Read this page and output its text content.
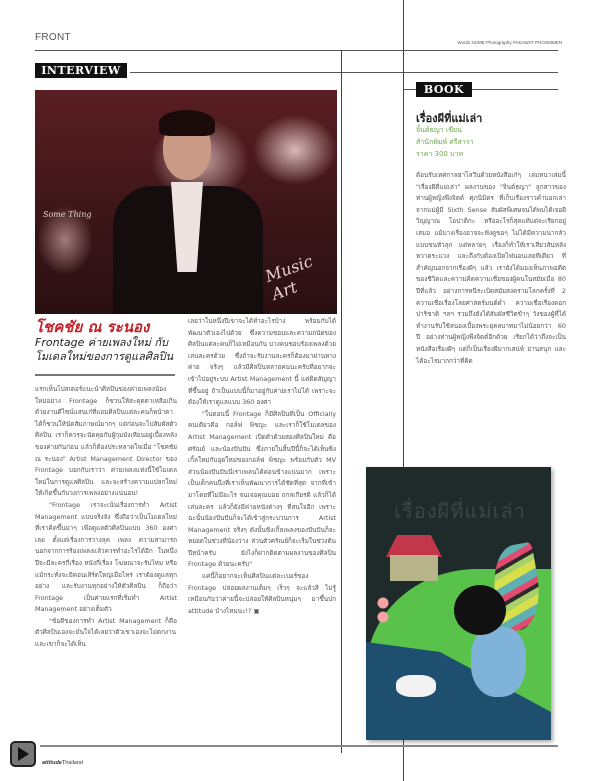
FRONT	Words NUME Photography PAKAWAT PHOOMMEN
INTERVIEW
Some Thing
Music Art
โชคชัย ณ ระนอง
Frontage ค่ายเพลงใหม่ กับโมเดลใหม่ของการดูแลศิลปิน

แรกเห็นโปสเตอร์แนะนำศิลปินของค่ายเพลงน้องใหม่อย่าง Frontage ก็ชวนให้สะดุดตาเหลือเกิน ด้วยงานดีไซน์แสนเก๋ที่แถมศิลปินแต่ละคนก็หน้าตาได้ก็ชวนให้นัดสัมภาษณ์มากๆ แต่ก่อนจะไปสัมผัสตัวศิลปิน เราก็ควรจะนัดคุยกับผู้กุมบังเหียนอยู่เบื้องหลังของค่ายกันก่อน แล้วก็ต้องประหลาดใจเมื่อ "โชคชัย ณ ระนอง" Artist Management Director ของ Frontage บอกกับเราว่า ค่ายเพลงแห่งนี้ใช้โมเดลใหม่ในการดูแลศิลปิน และจะสร้างความแปลกใหม่ให้เกิดขึ้นกับวงการเพลงอย่างแน่นอน!

"Frontage เราจะเน้นเรื่องการทำ Artist Management แบบจริงจัง ซึ่งถือว่าเป็นโมเดลใหม่ที่เราคิดขึ้นมาๆ เพื่อดูแลตัวศิลปินแบบ 360 องศาเลย ตั้งแต่เรื่องการวางลุค เพลง ความสามารถ นอกจากการร้องเพลงแล้วควรทำอะไรได้อีก ในหนึ่งปีจะมีละครกี่เรื่อง หนังกี่เรื่อง โฆษณาจะรับไหม หรือแม้กระทั่งจะมีคอนเสิร์ตใหญ่เมื่อไหร่ เราต้องดูแลทุกอย่าง และรับงานทุกอย่างให้ตัวศิลปิน ก็ถือว่า Frontage เป็นค่ายแรกที่เริ่มทำ Artist Management อย่างเต็มตัว

"ข้อดีของการทำ Artist Management ก็คือตัวศิลปินเองจะมั่นใจได้เลยว่าตัวเขาเองจะไม่ตกงาน และเขาก็จะได้เห็น

เลยว่าในหนึ่งปีเขาจะได้ทำอะไรบ้าง พร้อมกับได้พัฒนาตัวเองไปด้วย ซึ่งความชอบและความถนัดของศิลปินแต่ละคนก็ไม่เหมือนกัน บางคนชอบร้องเพลงด้วย เล่นละครด้วย ซึ่งถ้าจะรับงานละครก็ต้องมาผ่านทางค่าย จริงๆ แล้วมีศิลปินหลายคนนะครับที่อยากจะเข้าไปอยู่ระบบ Artist Management นี้ แต่ติดสัญญาที่ขึ้นอยู่ ถ้าเป็นแบบนี้ก็มาอยู่กับค่ายเราไม่ได้ เพราะจะต้องให้เราดูแลแบบ 360 องศา

"ในตอนนี้ Frontage ก็มีศิลปินที่เป็น Officially คนเดียวคือ กอล์ฟ พิชญะ และเราก็ใช้โมเดลของ Artist Management เปิดตัวด้วยสองศิลปินใหม่ คือศรัณย์ และน้องปันปัน ซึ่งภายในสิ้นปีนี้ก็จะได้เห็นซิงเกิ้ลใหม่กับอุดใหม่ของกอล์ฟ พิชญะ พร้อมกับตัว MV ส่วนน้องปันปันนี่เราเพลนได้ค่อนข้างแน่นมาก เพราะเป็นเด็กคนนึงที่เราเห็นพัฒนาการได้ชัดที่สุด จากที่เข้ามาโดยที่ไม่มีอะไร จนเจอคุณบอย ถกลเกียรติ แล้วก็ได้เล่นละคร แล้วก็ยังมีค่ายหนังต่างๆ ที่สนใจอีก เพราะฉะนั้นน้องปันปันก็จะได้เข้าสู่กระบวนการ Artist Management จริงๆ ดังนั้นซิงเกิ้ลเพลงของปันปันก็จะหยอดในช่วงที่น้องว่าง ส่วนตัวศรัณย์ก็จะเริ่มในช่วงต้นปีหน้าครับ ยังไงก็ฝากติดตามผลงานของศิลปิน Frontage ด้วยนะครับ"

แค่นี้ก็อยากจะเห็นศิลปินแต่ละเบอร์ของ Frontage ปล่อยผลงานเต็มๆ เร็วๆ จะแล้วสิ ไม่รู้เหมือนกันว่าค่ายนี้จะปล่อยให้ศิลปินหนุ่มๆ มาขึ้นปก attitude บ้างไหมนะ!? ▣

BOOK
เรื่องผีที่แม่เล่า
จิ้นต์ธญา เขียน
สำนักพิมพ์ ศรีสารา
ราคา 300 บาท

ต้อนรับเทศกาลฮาโลวีนด้วยหนังสือเก๋ๆ เล่มหนาเล่มนี้ "เรื่องผีที่แม่เล่า" ผลงานของ "จินต์ธญา" ลูกสาวของท่านผู้หญิงพึงจิตต์ ศุภนิมิตร ที่เก็บเรื่องราวคำบอกเล่าจากแม่ผู้มี Sixth Sense สัมผัสพิเศษจนได้พบได้เจอผี วิญญาณ โอปาติกะ หรืออะไรก็สุดแท้แต่จะเรียกอยู่เสมอ แม้บางเรื่องอาจจะฟังดูขอๆ ไม่ได้มีความน่ากลัวแบบขนหัวลุก แต่หลายๆ เรื่องก็ทำให้เราเสียวสันหลัง หวาดระแวง และถึงกับต้องเปิดไฟนอนเลยทีเดียว ที่สำคัญนอกจากเรื่องผีๆ แล้ว เรายังได้มองเห็นภาพอดีตของชีวิตและความคิดความเชื่อของผู้คนในสมัยเมื่อ 80 ปีที่แล้ว อย่างการหนีระเบิดสมัยสงครามโลกครั้งที่ 2 ความเชื่อเรื่องโลยศาสตร์มนต์ดำ ความเชื่อเรื่องดอกปาริชาติ ฯลฯ รวมถึงยังได้สัมผัสชีวิตข้าๆ วังของผู้ที่ได้ทำงานรับใช้สนองเบื้องพระยุคลบาทมาไม่น้อยกว่า 60 ปี อย่างท่านผู้หญิงพึงจิตต์อีกด้วย เรียกได้ว่าถึงจะเป็นหนังสือเรื่องผีๆ แต่ก็เป็นเรื่องผีมากเสน่ห์ อ่านสนุก และได้อะไรมากกว่าที่คิด

เรื่องผีที่แม่เล่า
attitudeThailand
